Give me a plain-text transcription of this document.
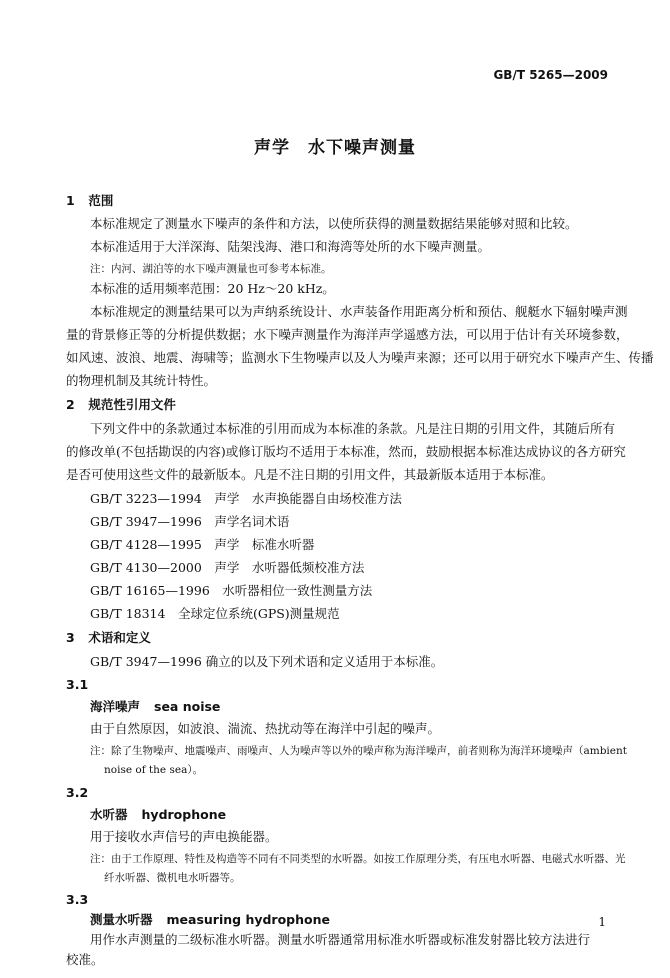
GB/T 5265—2009
声学　水下噪声测量
1 范围
本标准规定了测量水下噪声的条件和方法，以使所获得的测量数据结果能够对照和比较。
本标准适用于大洋深海、陆架浅海、港口和海湾等处所的水下噪声测量。
注：内河、湖泊等的水下噪声测量也可参考本标准。
本标准的适用频率范围：20 Hz～20 kHz。
本标准规定的测量结果可以为声纳系统设计、水声装备作用距离分析和预估、舰艇水下辐射噪声测
量的背景修正等的分析提供数据；水下噪声测量作为海洋声学遥感方法，可以用于估计有关环境参数，
如风速、波浪、地震、海啸等；监测水下生物噪声以及人为噪声来源；还可以用于研究水下噪声产生、传播
的物理机制及其统计特性。
2 规范性引用文件
下列文件中的条款通过本标准的引用而成为本标准的条款。凡是注日期的引用文件，其随后所有
的修改单(不包括勘误的内容)或修订版均不适用于本标准，然而，鼓励根据本标准达成协议的各方研究
是否可使用这些文件的最新版本。凡是不注日期的引用文件，其最新版本适用于本标准。
GB/T 3223—1994　声学　水声换能器自由场校准方法
GB/T 3947—1996　声学名词术语
GB/T 4128—1995　声学　标准水听器
GB/T 4130—2000　声学　水听器低频校准方法
GB/T 16165—1996　水听器相位一致性测量方法
GB/T 18314　全球定位系统(GPS)测量规范
3 术语和定义
GB/T 3947—1996 确立的以及下列术语和定义适用于本标准。
3.1
海洋噪声 sea noise
由于自然原因，如波浪、湍流、热扰动等在海洋中引起的噪声。
注：除了生物噪声、地震噪声、雨噪声、人为噪声等以外的噪声称为海洋噪声，前者则称为海洋环境噪声（ambient
noise of the sea）。
3.2
水听器 hydrophone
用于接收水声信号的声电换能器。
注：由于工作原理、特性及构造等不同有不同类型的水听器。如按工作原理分类，有压电水听器、电磁式水听器、光
纤水听器、微机电水听器等。
3.3
测量水听器 measuring hydrophone
用作水声测量的二级标准水听器。测量水听器通常用标准水听器或标准发射器比较方法进行
校准。
1
